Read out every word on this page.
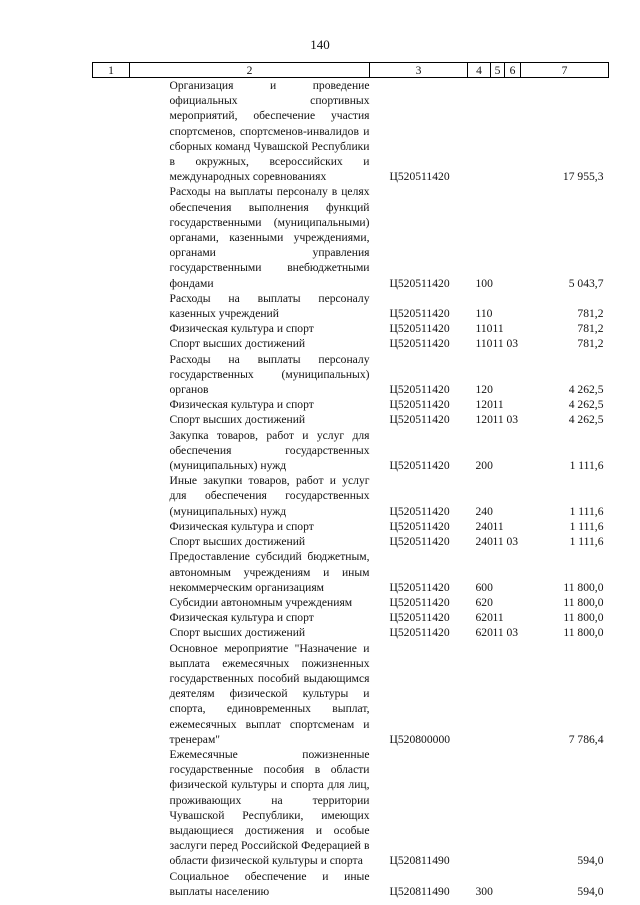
140
1	2	3	4	5	6	7
	Организация и проведение официальных спортивных мероприятий, обеспечение участия спортсменов, спортсменов-инвалидов и сборных команд Чувашской Республики в окружных, всероссийских и международных соревнованиях	Ц520511420				17 955,3
	Расходы на выплаты персоналу в целях обеспечения выполнения функций государственными (муниципальными) органами, казенными учреждениями, органами управления государственными внебюджетными фондами	Ц520511420	100			5 043,7
	Расходы на выплаты персоналу казенных учреждений	Ц520511420	110			781,2
	Физическая культура и спорт	Ц520511420	110	11		781,2
	Спорт высших достижений	Ц520511420	110	11	03	781,2
	Расходы на выплаты персоналу государственных (муниципальных) органов	Ц520511420	120			4 262,5
	Физическая культура и спорт	Ц520511420	120	11		4 262,5
	Спорт высших достижений	Ц520511420	120	11	03	4 262,5
	Закупка товаров, работ и услуг для обеспечения государственных (муниципальных) нужд	Ц520511420	200			1 111,6
	Иные закупки товаров, работ и услуг для обеспечения государственных (муниципальных) нужд	Ц520511420	240			1 111,6
	Физическая культура и спорт	Ц520511420	240	11		1 111,6
	Спорт высших достижений	Ц520511420	240	11	03	1 111,6
	Предоставление субсидий бюджетным, автономным учреждениям и иным некоммерческим организациям	Ц520511420	600			11 800,0
	Субсидии автономным учреждениям	Ц520511420	620			11 800,0
	Физическая культура и спорт	Ц520511420	620	11		11 800,0
	Спорт высших достижений	Ц520511420	620	11	03	11 800,0
	Основное мероприятие "Назначение и выплата ежемесячных пожизненных государственных пособий выдающимся деятелям физической культуры и спорта, единовременных выплат, ежемесячных выплат спортсменам и тренерам"	Ц520800000				7 786,4
	Ежемесячные пожизненные государственные пособия в области физической культуры и спорта для лиц, проживающих на территории Чувашской Республики, имеющих выдающиеся достижения и особые заслуги перед Российской Федерацией в области физической культуры и спорта	Ц520811490				594,0
	Социальное обеспечение и иные выплаты населению	Ц520811490	300			594,0
